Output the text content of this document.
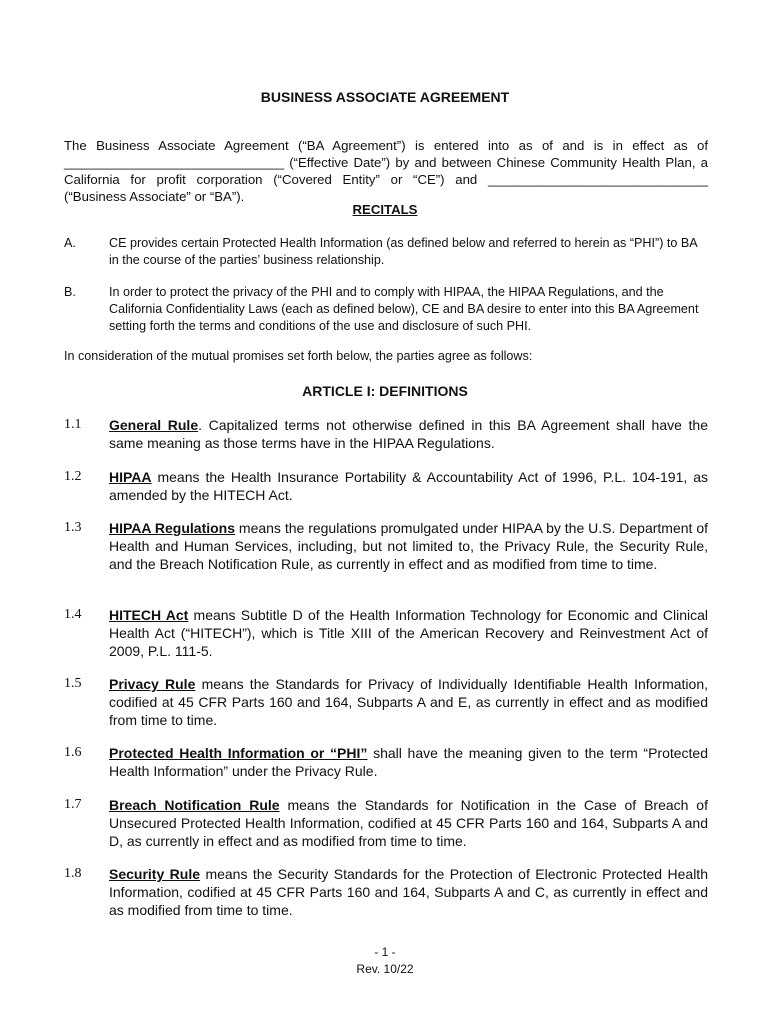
BUSINESS ASSOCIATE AGREEMENT

The Business Associate Agreement (“BA Agreement”) is entered into as of and is in effect as of ______________________________ (“Effective Date”) by and between Chinese Community Health Plan, a California for profit corporation (“Covered Entity” or “CE”) and ______________________________ (“Business Associate” or “BA”).

RECITALS
A.	CE provides certain Protected Health Information (as defined below and referred to herein as “PHI”) to BA in the course of the parties’ business relationship.

B.	In order to protect the privacy of the PHI and to comply with HIPAA, the HIPAA Regulations, and the California Confidentiality Laws (each as defined below), CE and BA desire to enter into this BA Agreement setting forth the terms and conditions of the use and disclosure of such PHI.

In consideration of the mutual promises set forth below, the parties agree as follows:

ARTICLE I: DEFINITIONS
1.1 General Rule. Capitalized terms not otherwise defined in this BA Agreement shall have the same meaning as those terms have in the HIPAA Regulations.

1.2 HIPAA means the Health Insurance Portability & Accountability Act of 1996, P.L. 104-191, as amended by the HITECH Act.

1.3 HIPAA Regulations means the regulations promulgated under HIPAA by the U.S. Department of Health and Human Services, including, but not limited to, the Privacy Rule, the Security Rule, and the Breach Notification Rule, as currently in effect and as modified from time to time.

1.4 HITECH Act means Subtitle D of the Health Information Technology for Economic and Clinical Health Act (“HITECH”), which is Title XIII of the American Recovery and Reinvestment Act of 2009, P.L. 111-5.

1.5 Privacy Rule means the Standards for Privacy of Individually Identifiable Health Information, codified at 45 CFR Parts 160 and 164, Subparts A and E, as currently in effect and as modified from time to time.

1.6 Protected Health Information or “PHI” shall have the meaning given to the term “Protected Health Information” under the Privacy Rule.

1.7 Breach Notification Rule means the Standards for Notification in the Case of Breach of Unsecured Protected Health Information, codified at 45 CFR Parts 160 and 164, Subparts A and D, as currently in effect and as modified from time to time.

1.8 Security Rule means the Security Standards for the Protection of Electronic Protected Health Information, codified at 45 CFR Parts 160 and 164, Subparts A and C, as currently in effect and as modified from time to time.

- 1 -
Rev. 10/22
